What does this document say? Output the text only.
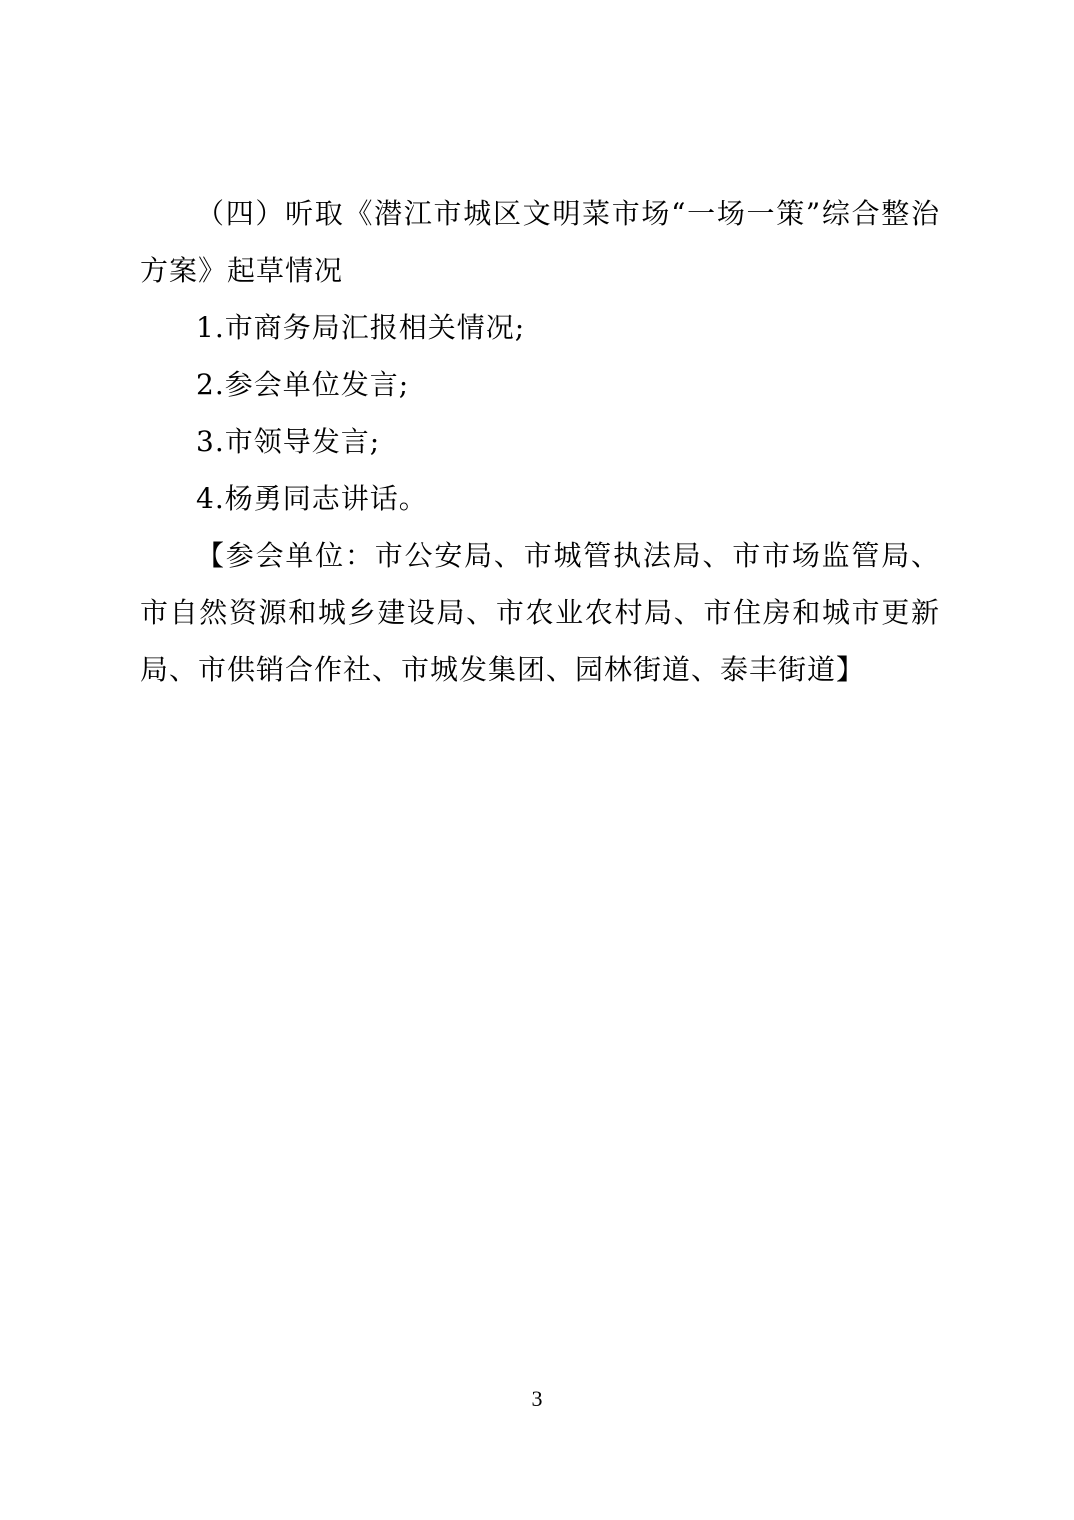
（四）听取《潜江市城区文明菜市场“一场一策”综合整治方案》起草情况

1.市商务局汇报相关情况;

2.参会单位发言;

3.市领导发言;

4.杨勇同志讲话。

【参会单位：市公安局、市城管执法局、市市场监管局、市自然资源和城乡建设局、市农业农村局、市住房和城市更新局、市供销合作社、市城发集团、园林街道、泰丰街道】

3
